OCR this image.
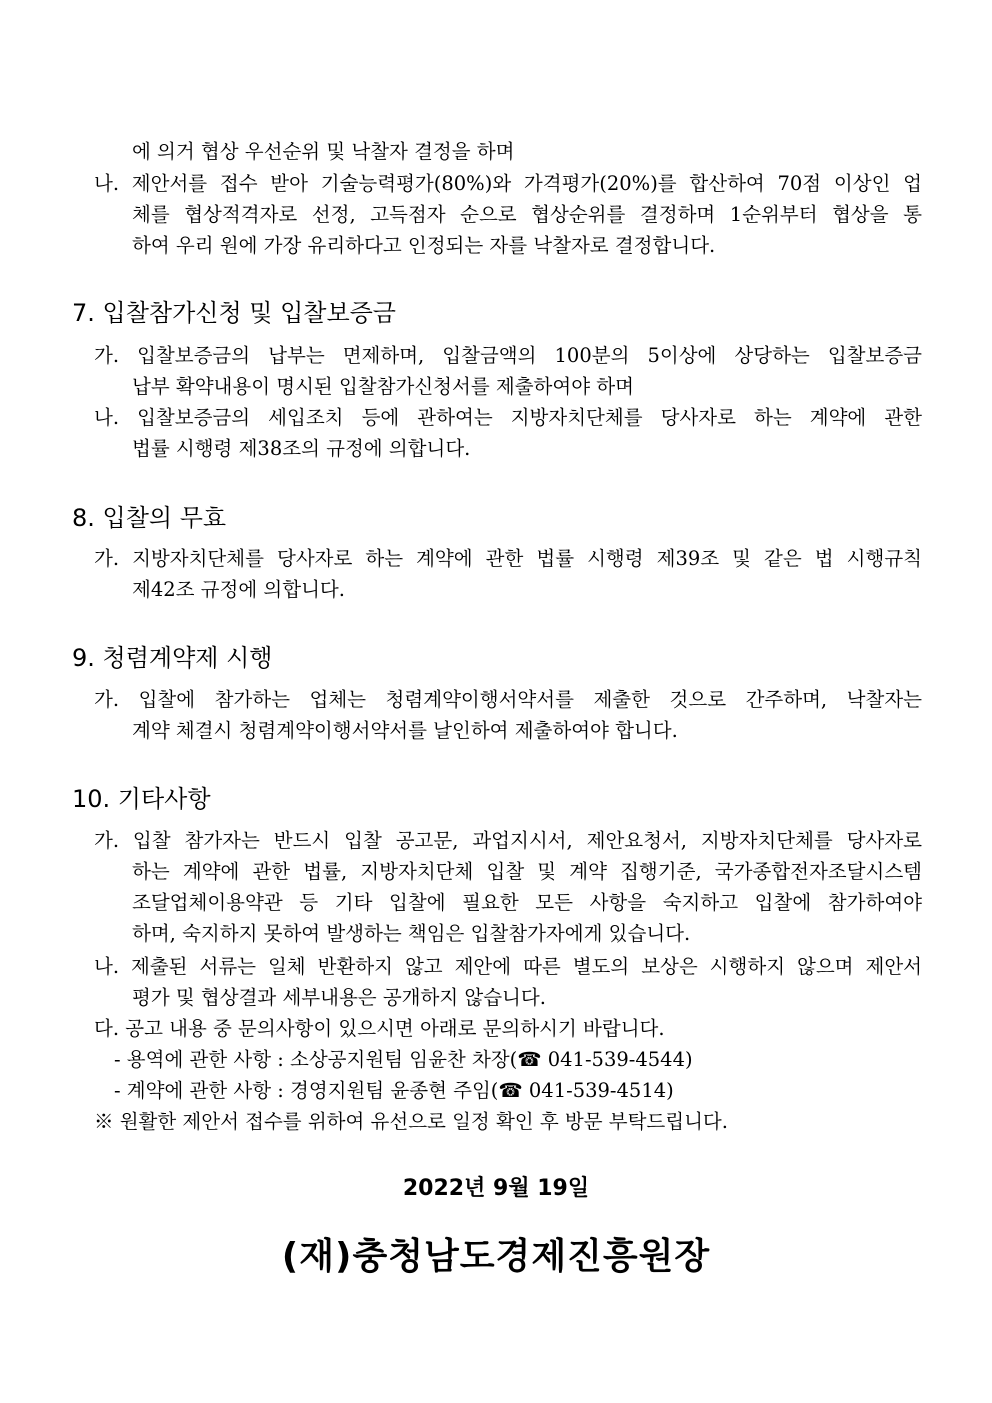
에 의거 협상 우선순위 및 낙찰자 결정을 하며
나. 제안서를 접수 받아 기술능력평가(80%)와 가격평가(20%)를 합산하여 70점 이상인 업
체를 협상적격자로 선정, 고득점자 순으로 협상순위를 결정하며 1순위부터 협상을 통
하여 우리 원에 가장 유리하다고 인정되는 자를 낙찰자로 결정합니다.
7. 입찰참가신청 및 입찰보증금
가. 입찰보증금의 납부는 면제하며, 입찰금액의 100분의 5이상에 상당하는 입찰보증금
납부 확약내용이 명시된 입찰참가신청서를 제출하여야 하며
나. 입찰보증금의 세입조치 등에 관하여는 지방자치단체를 당사자로 하는 계약에 관한
법률 시행령 제38조의 규정에 의합니다.
8. 입찰의 무효
가. 지방자치단체를 당사자로 하는 계약에 관한 법률 시행령 제39조 및 같은 법 시행규칙
제42조 규정에 의합니다.
9. 청렴계약제 시행
가. 입찰에 참가하는 업체는 청렴계약이행서약서를 제출한 것으로 간주하며, 낙찰자는
계약 체결시 청렴계약이행서약서를 날인하여 제출하여야 합니다.
10. 기타사항
가. 입찰 참가자는 반드시 입찰 공고문, 과업지시서, 제안요청서, 지방자치단체를 당사자로
하는 계약에 관한 법률, 지방자치단체 입찰 및 계약 집행기준, 국가종합전자조달시스템
조달업체이용약관 등 기타 입찰에 필요한 모든 사항을 숙지하고 입찰에 참가하여야
하며, 숙지하지 못하여 발생하는 책임은 입찰참가자에게 있습니다.
나. 제출된 서류는 일체 반환하지 않고 제안에 따른 별도의 보상은 시행하지 않으며 제안서
평가 및 협상결과 세부내용은 공개하지 않습니다.
다. 공고 내용 중 문의사항이 있으시면 아래로 문의하시기 바랍니다.
- 용역에 관한 사항 : 소상공지원팀 임윤찬 차장(☎ 041-539-4544)
- 계약에 관한 사항 : 경영지원팀 윤종현 주임(☎ 041-539-4514)
※ 원활한 제안서 접수를 위하여 유선으로 일정 확인 후 방문 부탁드립니다.
2022년 9월 19일
(재)충청남도경제진흥원장
